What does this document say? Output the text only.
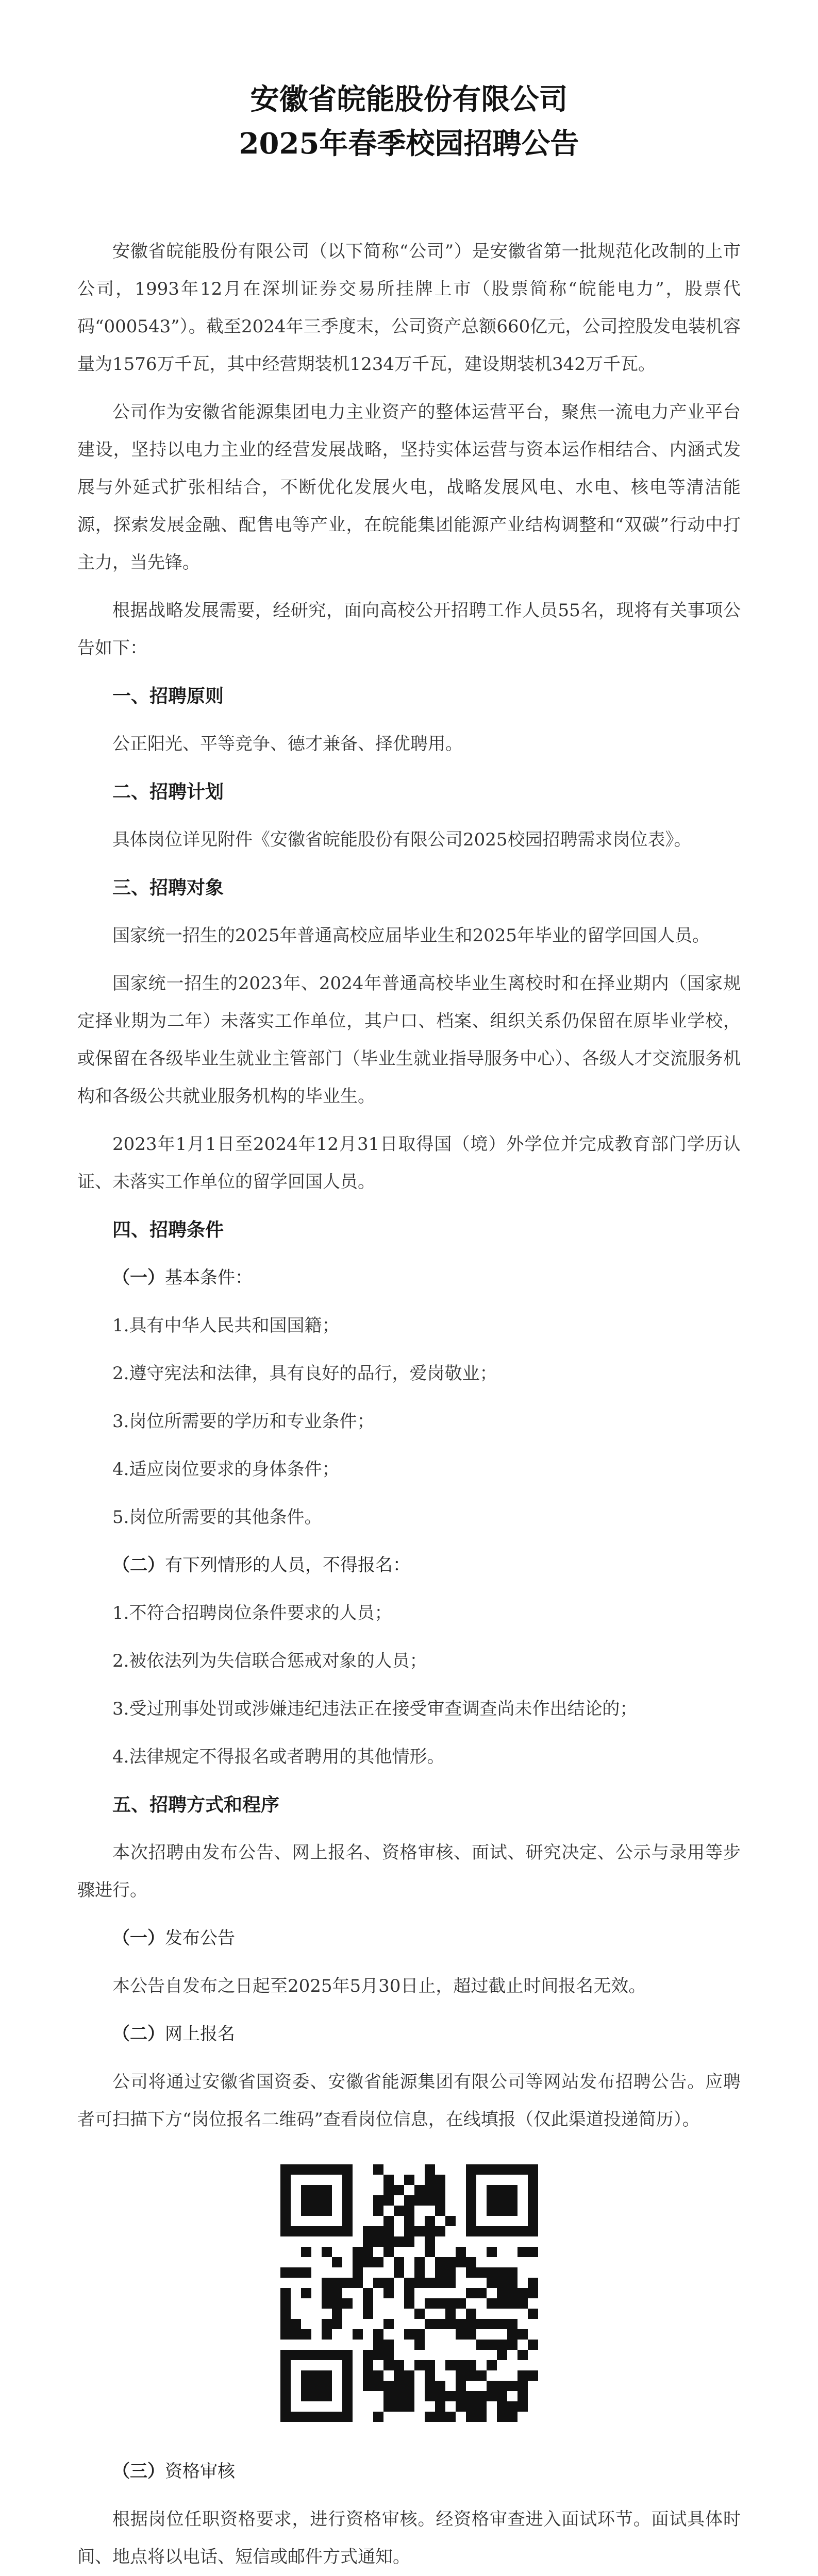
安徽省皖能股份有限公司
2025年春季校园招聘公告

安徽省皖能股份有限公司（以下简称“公司”）是安徽省第一批规范化改制的上市公司，1993年12月在深圳证券交易所挂牌上市（股票简称“皖能电力”，股票代码“000543”）。截至2024年三季度末，公司资产总额660亿元，公司控股发电装机容量为1576万千瓦，其中经营期装机1234万千瓦，建设期装机342万千瓦。

公司作为安徽省能源集团电力主业资产的整体运营平台，聚焦一流电力产业平台建设，坚持以电力主业的经营发展战略，坚持实体运营与资本运作相结合、内涵式发展与外延式扩张相结合，不断优化发展火电，战略发展风电、水电、核电等清洁能源，探索发展金融、配售电等产业，在皖能集团能源产业结构调整和“双碳”行动中打主力，当先锋。

根据战略发展需要，经研究，面向高校公开招聘工作人员55名，现将有关事项公告如下：

一、招聘原则

公正阳光、平等竞争、德才兼备、择优聘用。

二、招聘计划

具体岗位详见附件《安徽省皖能股份有限公司2025校园招聘需求岗位表》。

三、招聘对象

国家统一招生的2025年普通高校应届毕业生和2025年毕业的留学回国人员。

国家统一招生的2023年、2024年普通高校毕业生离校时和在择业期内（国家规定择业期为二年）未落实工作单位，其户口、档案、组织关系仍保留在原毕业学校，或保留在各级毕业生就业主管部门（毕业生就业指导服务中心）、各级人才交流服务机构和各级公共就业服务机构的毕业生。

2023年1月1日至2024年12月31日取得国（境）外学位并完成教育部门学历认证、未落实工作单位的留学回国人员。

四、招聘条件
（一）基本条件：

1.具有中华人民共和国国籍；

2.遵守宪法和法律，具有良好的品行，爱岗敬业；

3.岗位所需要的学历和专业条件；

4.适应岗位要求的身体条件；

5.岗位所需要的其他条件。

（二）有下列情形的人员，不得报名：

1.不符合招聘岗位条件要求的人员；

2.被依法列为失信联合惩戒对象的人员；

3.受过刑事处罚或涉嫌违纪违法正在接受审查调查尚未作出结论的；

4.法律规定不得报名或者聘用的其他情形。

五、招聘方式和程序

本次招聘由发布公告、网上报名、资格审核、面试、研究决定、公示与录用等步骤进行。

（一）发布公告

本公告自发布之日起至2025年5月30日止，超过截止时间报名无效。

（二）网上报名

公司将通过安徽省国资委、安徽省能源集团有限公司等网站发布招聘公告。应聘者可扫描下方“岗位报名二维码”查看岗位信息，在线填报（仅此渠道投递简历）。

（三）资格审核

根据岗位任职资格要求，进行资格审核。经资格审查进入面试环节。面试具体时间、地点将以电话、短信或邮件方式通知。
